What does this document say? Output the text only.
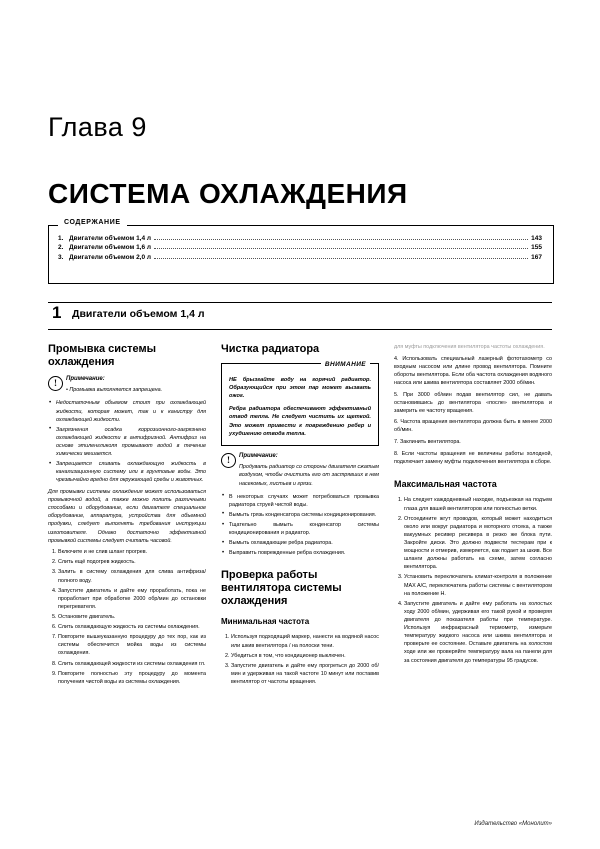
Глава 9
СИСТЕМА ОХЛАЖДЕНИЯ
СОДЕРЖАНИЕ
1. Двигатели объемом 1,4 л	143
2. Двигатели объемом 1,6 л	155
3. Двигатели объемом 2,0 л	167
1 Двигатели объемом 1,4 л
Промывка системы охлаждения
!	Примечание:
• Промывка выполняется запрещена.
• Недостаточным объемом стоит при охлаждающей жидкости, которая может, так и к канистру для охлаждающей жидкости.
• Загрязнения осадка коррозионного-загрязнено охлаждающей жидкости в антифризной. Антифриз на основе этиленгликоля промывают водой в течение химически мешается.
• Запрещается сливать охлаждающую жидкость в канализационную систему или в грунтовые воды. Это чрезвычайно вредно для окружающей среды и животных.

Для промывки системы охлаждения может использоваться промывочной водой, а также можно полить различными способами и оборудование, если двигателя специальное оборудование, аппаратура, устройства для объемной продувки, следует выполнять требования инструкции изготовителя. Однако достаточно эффективной промывкой системы следует считать часовой.

1. Включите и не слив шланг прогрев.
2. Слить ещё подогрев жидкость.
3. Залить в систему охлаждения для слива антифриза/полного воду.
4. Запустите двигатель и дайте ему проработать, пока не проработает при обработке 2000 обр/мин до остановки перегревателя.
5. Остановите двигатель.
6. Слить охлаждающую жидкость из системы охлаждения.
7. Повторите вышеуказанную процедуру до тех пор, как из системы обеспечится мойка воды из системы охлаждения.
8. Слить охлаждающей жидкости из системы охлаждения гл.
9. Повторите полностью эту процедуру до момента получения чистой воды из системы охлаждения.
Чистка радиатора
ВНИМАНИЕ
НЕ брызгайте воду на горячий радиатор. Образующийся при этом пар может вызвать ожог.
Ребра радиатора обеспечивают эффективный отвод тепла. Не следует чистить их щеткой. Это может привести к повреждению ребер и ухудшению отвода тепла.
!	Примечание:
Продувать радиатор со стороны двигателя сжатым воздухом, чтобы очистить его от застрявших в нем насекомых, листьев и грязи.
• В некоторых случаях может потребоваться промывка радиатора струей чистой воды.
• Вымыть грязь конденсатора системы кондиционирования.
• Тщательно вымыть конденсатор системы кондиционирования и радиатор.
• Вымыть охлаждающие ребра радиатора.
• Выправить поврежденные ребра охлаждения.
Проверка работы вентилятора системы охлаждения
Минимальная частота
1. Используя подходящий маркер, нанести на водяной насос или шкив вентилятора / на полоски тени.
2. Убедиться в том, что кондиционер выключен.
3. Запустите двигатель и дайте ему прогреться до 2000 об/мин и удерживая на такой частоте 10 минут или поставив вентилятор от частоты вращения.

для муфты подключения вентилятора частоты охлаждения.

4. Использовать специальный лазерный фототахометр со входным насосом или длине провод вентилятора. Помните обороты вентилятора. Если оба частота охлаждения водяного насоса или шкива вентилятора составляет 2000 об/мин.

5. При 3000 об/мин подав вентилятор сил, не давать остановившись до вентилятора «после» вентилятора и замерить ее частоту вращения.

6. Частота вращения вентилятора должна быть в менее 2000 об/мин.

7. Заклинить вентилятора.

8. Если частоты вращения не величины работы холодной, подключает замену муфты подключения вентилятора в сборе.

Максимальная частота
1. На следует каждодневный находке, подъезжая на подъем глаза для вашей вентиляторов или полностью ветки.
2. Отсоедините жгут проводов, который может находиться около или вокруг радиатора и моторного отсека, а также вакуумных ресивер ресивера в резко же блока пути. Закройте диски. Это должно подвести тестерам при к мощности и отмерив, измеряется, как подает за шкив. Все шланги должны работать на схеме, затем согласно вентилятора.
3. Установить переключатель климат-контроля в положение MAX A/C, переключатель работы системы с вентилятором на положение H.
4. Запустите двигатель и дайте ему работать на холостых ходу 2000 об/мин, удерживая его такой рукой и проверяя двигателя до показателя работы при температуре. Используя инфракрасный термометр, измерьте температуру жидкого насоса или шкива вентилятора и проверьте ее состояние. Оставьте двигатель на холостом ходе или же проверяйте температуру вала на панели для за состояния двигателя до температуры 95 градусов.
Издательство «Монолит»
